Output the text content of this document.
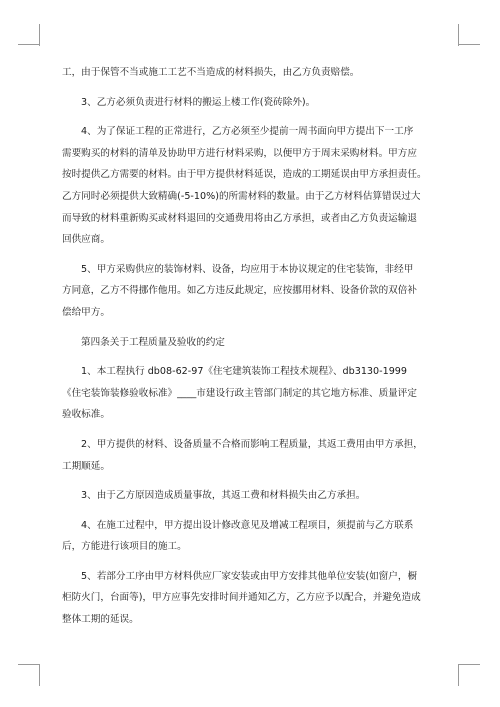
工，由于保管不当或施工工艺不当造成的材料损失，由乙方负责赔偿。

3、乙方必须负责进行材料的搬运上楼工作(瓷砖除外)。

4、为了保证工程的正常进行，乙方必须至少提前一周书面向甲方提出下一工序
需要购买的材料的清单及协助甲方进行材料采购，以便甲方于周末采购材料。甲方应
按时提供乙方需要的材料。由于甲方提供材料延误，造成的工期延误由甲方承担责任。
乙方同时必须提供大致精确(-5-10%)的所需材料的数量。由于乙方材料估算错误过大
而导致的材料重新购买或材料退回的交通费用将由乙方承担，或者由乙方负责运输退
回供应商。

5、甲方采购供应的装饰材料、设备，均应用于本协议规定的住宅装饰，非经甲
方同意，乙方不得挪作他用。如乙方违反此规定，应按挪用材料、设备价款的双倍补
偿给甲方。

第四条关于工程质量及验收的约定

1、本工程执行 db08-62-97《住宅建筑装饰工程技术规程》、db3130-1999
《住宅装饰装修验收标准》____市建设行政主管部门制定的其它地方标准、质量评定
验收标准。

2、甲方提供的材料、设备质量不合格而影响工程质量，其返工费用由甲方承担，
工期顺延。

3、由于乙方原因造成质量事故，其返工费和材料损失由乙方承担。

4、在施工过程中，甲方提出设计修改意见及增减工程项目，须提前与乙方联系
后，方能进行该项目的施工。

5、若部分工序由甲方材料供应厂家安装或由甲方安排其他单位安装(如窗户，橱
柜防火门，台面等)，甲方应事先安排时间并通知乙方，乙方应予以配合，并避免造成
整体工期的延误。
